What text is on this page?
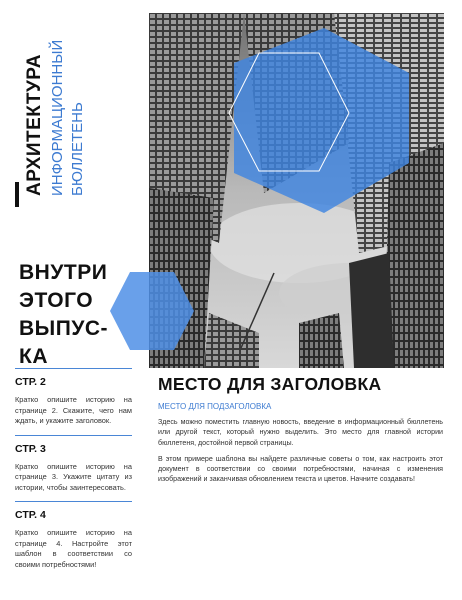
АРХИТЕКТУРА ИНФОРМАЦИОННЫЙ БЮЛЛЕТЕНЬ
ВНУТРИ
ЭТОГО
ВЫПУС-
КА
СТР. 2
Кратко опишите историю на странице 2. Скажите, чего нам ждать, и укажите заголовок.
СТР. 3
Кратко опишите историю на странице 3. Укажите цитату из истории, чтобы заинтересовать.
СТР. 4
Кратко опишите историю на странице 4. Настройте этот шаблон в соответствии со своими потребностями!
МЕСТО ДЛЯ ЗАГОЛОВКА
МЕСТО ДЛЯ ПОДЗАГОЛОВКА

Здесь можно поместить главную новость, введение в информационный бюллетень или другой текст, который нужно выделить. Это место для главной истории бюллетеня, достойной первой страницы.

В этом примере шаблона вы найдете различные советы о том, как настроить этот документ в соответствии со своими потребностями, начиная с изменения изображений и заканчивая обновлением текста и цветов. Начните создавать!
